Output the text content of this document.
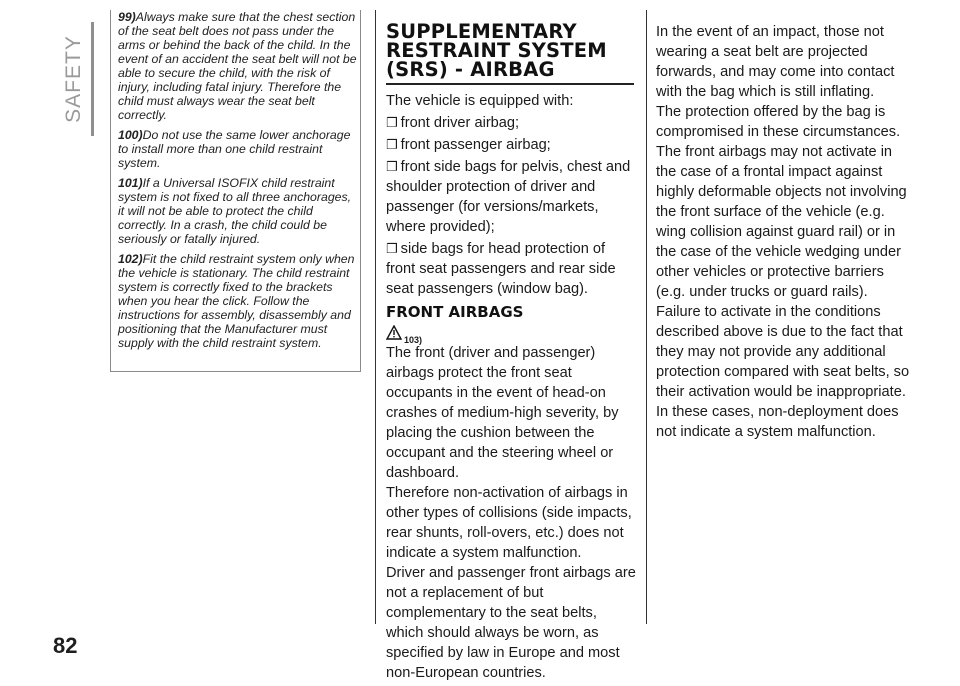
SAFETY
82

99)Always make sure that the chest section of the seat belt does not pass under the arms or behind the back of the child. In the event of an accident the seat belt will not be able to secure the child, with the risk of injury, including fatal injury. Therefore the child must always wear the seat belt correctly.

100)Do not use the same lower anchorage to install more than one child restraint system.

101)If a Universal ISOFIX child restraint system is not fixed to all three anchorages, it will not be able to protect the child correctly. In a crash, the child could be seriously or fatally injured.

102)Fit the child restraint system only when the vehicle is stationary. The child restraint system is correctly fixed to the brackets when you hear the click. Follow the instructions for assembly, disassembly and positioning that the Manufacturer must supply with the child restraint system.

SUPPLEMENTARY RESTRAINT SYSTEM (SRS) - AIRBAG

The vehicle is equipped with:

❒ front driver airbag;
❒ front passenger airbag;
❒ front side bags for pelvis, chest and shoulder protection of driver and passenger (for versions/markets, where provided);
❒ side bags for head protection of front seat passengers and rear side seat passengers (window bag).
FRONT AIRBAGS
103)

The front (driver and passenger) airbags protect the front seat occupants in the event of head-on crashes of medium-high severity, by placing the cushion between the occupant and the steering wheel or dashboard.

Therefore non-activation of airbags in other types of collisions (side impacts, rear shunts, roll-overs, etc.) does not indicate a system malfunction.

Driver and passenger front airbags are not a replacement of but complementary to the seat belts, which should always be worn, as specified by law in Europe and most non-European countries.

In the event of an impact, those not wearing a seat belt are projected forwards, and may come into contact with the bag which is still inflating.

The protection offered by the bag is compromised in these circumstances.

The front airbags may not activate in the case of a frontal impact against highly deformable objects not involving the front surface of the vehicle (e.g. wing collision against guard rail) or in the case of the vehicle wedging under other vehicles or protective barriers (e.g. under trucks or guard rails).

Failure to activate in the conditions described above is due to the fact that they may not provide any additional protection compared with seat belts, so their activation would be inappropriate. In these cases, non-deployment does not indicate a system malfunction.
